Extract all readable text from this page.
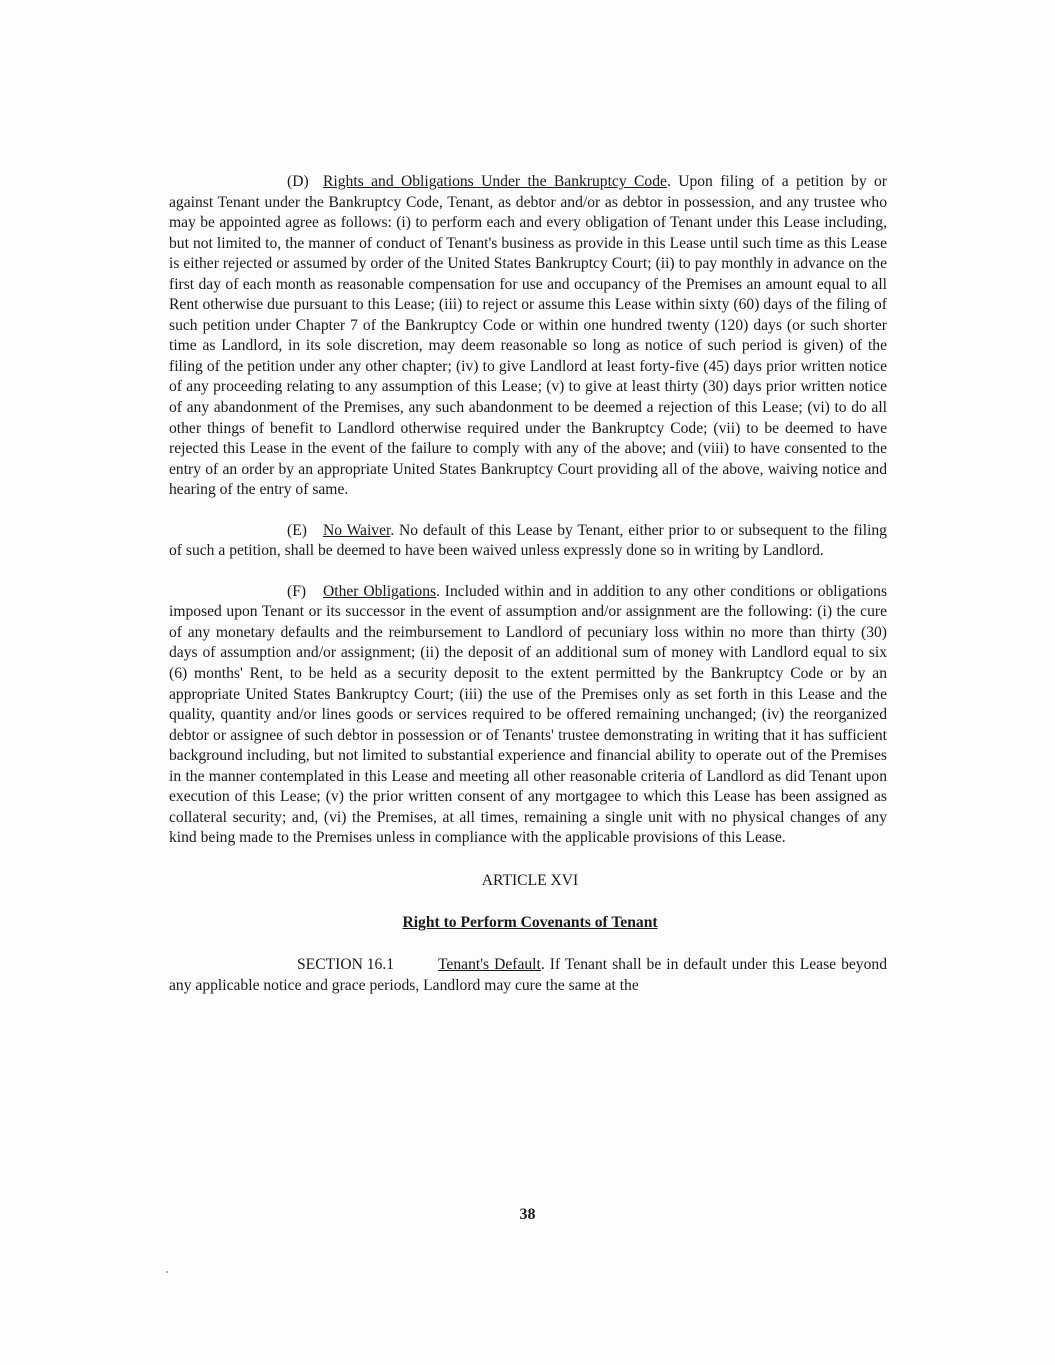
(D) Rights and Obligations Under the Bankruptcy Code. Upon filing of a petition by or against Tenant under the Bankruptcy Code, Tenant, as debtor and/or as debtor in possession, and any trustee who may be appointed agree as follows: (i) to perform each and every obligation of Tenant under this Lease including, but not limited to, the manner of conduct of Tenant's business as provide in this Lease until such time as this Lease is either rejected or assumed by order of the United States Bankruptcy Court; (ii) to pay monthly in advance on the first day of each month as reasonable compensation for use and occupancy of the Premises an amount equal to all Rent otherwise due pursuant to this Lease; (iii) to reject or assume this Lease within sixty (60) days of the filing of such petition under Chapter 7 of the Bankruptcy Code or within one hundred twenty (120) days (or such shorter time as Landlord, in its sole discretion, may deem reasonable so long as notice of such period is given) of the filing of the petition under any other chapter; (iv) to give Landlord at least forty-five (45) days prior written notice of any proceeding relating to any assumption of this Lease; (v) to give at least thirty (30) days prior written notice of any abandonment of the Premises, any such abandonment to be deemed a rejection of this Lease; (vi) to do all other things of benefit to Landlord otherwise required under the Bankruptcy Code; (vii) to be deemed to have rejected this Lease in the event of the failure to comply with any of the above; and (viii) to have consented to the entry of an order by an appropriate United States Bankruptcy Court providing all of the above, waiving notice and hearing of the entry of same.

(E) No Waiver. No default of this Lease by Tenant, either prior to or subsequent to the filing of such a petition, shall be deemed to have been waived unless expressly done so in writing by Landlord.

(F) Other Obligations. Included within and in addition to any other conditions or obligations imposed upon Tenant or its successor in the event of assumption and/or assignment are the following: (i) the cure of any monetary defaults and the reimbursement to Landlord of pecuniary loss within no more than thirty (30) days of assumption and/or assignment; (ii) the deposit of an additional sum of money with Landlord equal to six (6) months' Rent, to be held as a security deposit to the extent permitted by the Bankruptcy Code or by an appropriate United States Bankruptcy Court; (iii) the use of the Premises only as set forth in this Lease and the quality, quantity and/or lines goods or services required to be offered remaining unchanged; (iv) the reorganized debtor or assignee of such debtor in possession or of Tenants' trustee demonstrating in writing that it has sufficient background including, but not limited to substantial experience and financial ability to operate out of the Premises in the manner contemplated in this Lease and meeting all other reasonable criteria of Landlord as did Tenant upon execution of this Lease; (v) the prior written consent of any mortgagee to which this Lease has been assigned as collateral security; and, (vi) the Premises, at all times, remaining a single unit with no physical changes of any kind being made to the Premises unless in compliance with the applicable provisions of this Lease.

ARTICLE XVI

Right to Perform Covenants of Tenant

SECTION 16.1	Tenant's Default. If Tenant shall be in default under this Lease beyond any applicable notice and grace periods, Landlord may cure the same at the

38
